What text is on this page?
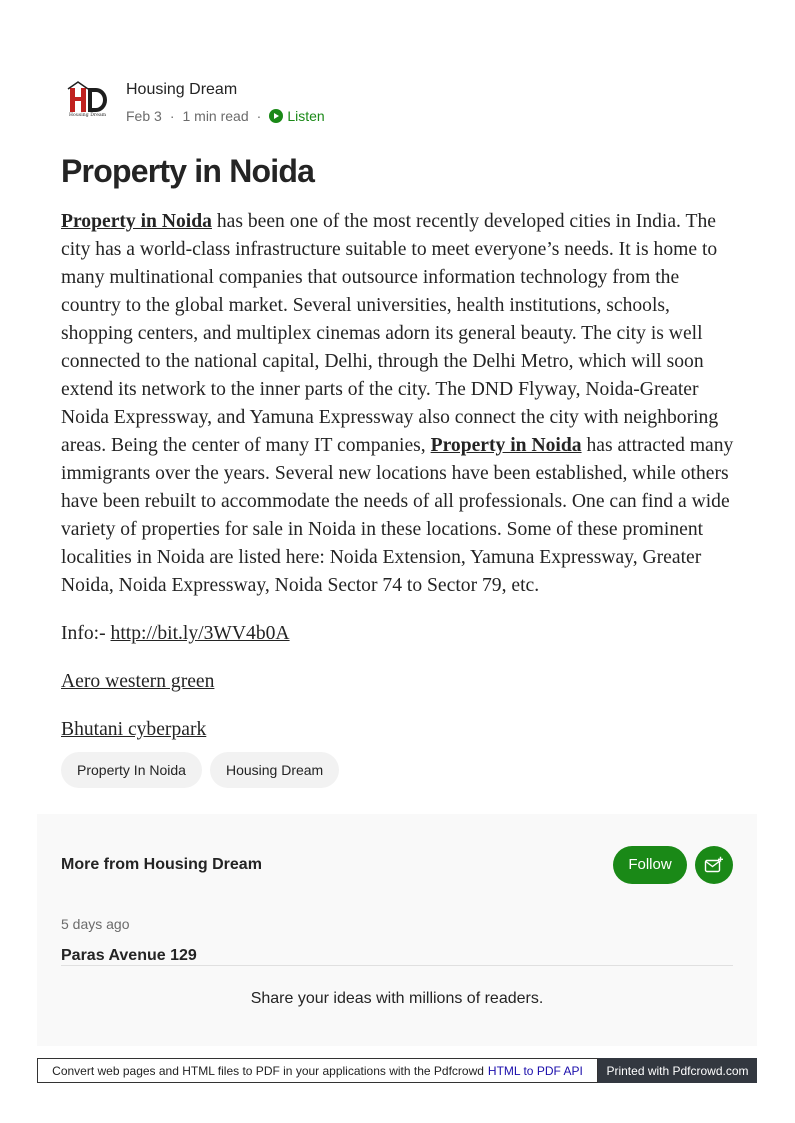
Housing Dream
Housing Dream
Feb 3 · 1 min read · Listen
Property in Noida

Property in Noida has been one of the most recently developed cities in India. The city has a world-class infrastructure suitable to meet everyone’s needs. It is home to many multinational companies that outsource information technology from the country to the global market. Several universities, health institutions, schools, shopping centers, and multiplex cinemas adorn its general beauty. The city is well connected to the national capital, Delhi, through the Delhi Metro, which will soon extend its network to the inner parts of the city. The DND Flyway, Noida-Greater Noida Expressway, and Yamuna Expressway also connect the city with neighboring areas. Being the center of many IT companies, Property in Noida has attracted many immigrants over the years. Several new locations have been established, while others have been rebuilt to accommodate the needs of all professionals. One can find a wide variety of properties for sale in Noida in these locations. Some of these prominent localities in Noida are listed here: Noida Extension, Yamuna Expressway, Greater Noida, Noida Expressway, Noida Sector 74 to Sector 79, etc.

Info:- http://bit.ly/3WV4b0A

Aero western green

Bhutani cyberpark

Property In Noida	Housing Dream
More from Housing Dream	Follow
5 days ago
Paras Avenue 129
Share your ideas with millions of readers.
Convert web pages and HTML files to PDF in your applications with the Pdfcrowd HTML to PDF API	Printed with Pdfcrowd.com
